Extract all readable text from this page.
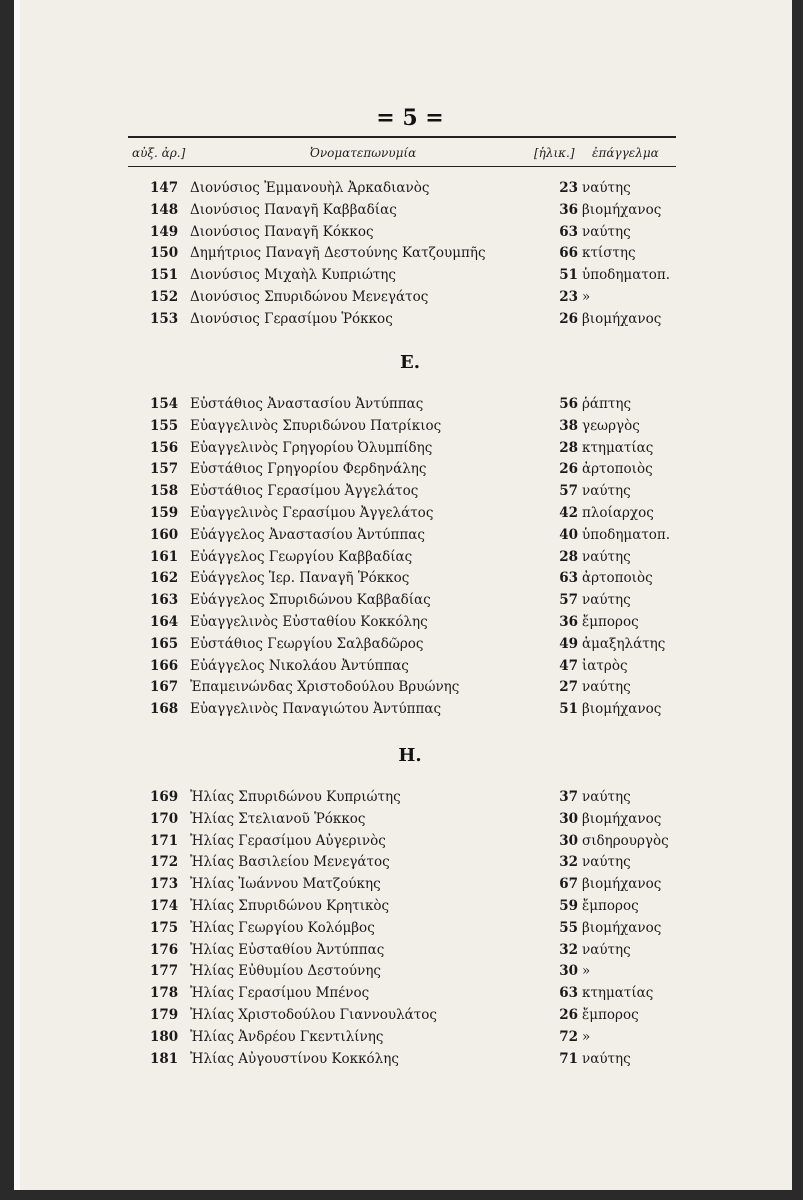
= 5 =
αὐξ. ἀρ.]	Ὀνοματεπωνυμία	[ἡλικ.] ἐπάγγελμα
147 Διονύσιος Ἐμμανουὴλ Ἀρκαδιανὸς	23 ναύτης
148 Διονύσιος Παναγῆ Καββαδίας	36 βιομήχανος
149 Διονύσιος Παναγῆ Κόκκος	63 ναύτης
150 Δημήτριος Παναγῆ Δεστούνης Κατζουμπῆς	66 κτίστης
151 Διονύσιος Μιχαὴλ Κυπριώτης	51 ὑποδηματοπ.
152 Διονύσιος Σπυριδώνου Μενεγάτος	23 »
153 Διονύσιος Γερασίμου Ῥόκκος	26 βιομήχανος
Ε.
154 Εὐστάθιος Ἀναστασίου Ἀντύππας	56 ῥάπτης
155 Εὐαγγελινὸς Σπυριδώνου Πατρίκιος	38 γεωργὸς
156 Εὐαγγελινὸς Γρηγορίου Ὀλυμπίδης	28 κτηματίας
157 Εὐστάθιος Γρηγορίου Φερδηνάλης	26 ἀρτοποιὸς
158 Εὐστάθιος Γερασίμου Ἀγγελάτος	57 ναύτης
159 Εὐαγγελινὸς Γερασίμου Ἀγγελάτος	42 πλοίαρχος
160 Εὐάγγελος Ἀναστασίου Ἀντύππας	40 ὑποδηματοπ.
161 Εὐάγγελος Γεωργίου Καββαδίας	28 ναύτης
162 Εὐάγγελος Ἱερ. Παναγῆ Ῥόκκος	63 ἀρτοποιὸς
163 Εὐάγγελος Σπυριδώνου Καββαδίας	57 ναύτης
164 Εὐαγγελινὸς Εὐσταθίου Κοκκόλης	36 ἔμπορος
165 Εὐστάθιος Γεωργίου Σαλβαδῶρος	49 ἁμαξηλάτης
166 Εὐάγγελος Νικολάου Ἀντύππας	47 ἰατρὸς
167 Ἐπαμεινώνδας Χριστοδούλου Βρυώνης	27 ναύτης
168 Εὐαγγελινὸς Παναγιώτου Ἀντύππας	51 βιομήχανος
Η.
169 Ἠλίας Σπυριδώνου Κυπριώτης	37 ναύτης
170 Ἠλίας Στελιανοῦ Ῥόκκος	30 βιομήχανος
171 Ἠλίας Γερασίμου Αὐγερινὸς	30 σιδηρουργὸς
172 Ἠλίας Βασιλείου Μενεγάτος	32 ναύτης
173 Ἠλίας Ἰωάννου Ματζούκης	67 βιομήχανος
174 Ἠλίας Σπυριδώνου Κρητικὸς	59 ἔμπορος
175 Ἠλίας Γεωργίου Κολόμβος	55 βιομήχανος
176 Ἠλίας Εὐσταθίου Ἀντύππας	32 ναύτης
177 Ἠλίας Εὐθυμίου Δεστούνης	30 »
178 Ἠλίας Γερασίμου Μπένος	63 κτηματίας
179 Ἠλίας Χριστοδούλου Γιαννουλάτος	26 ἔμπορος
180 Ἠλίας Ἀνδρέου Γκεντιλίνης	72 »
181 Ἠλίας Αὐγουστίνου Κοκκόλης	71 ναύτης
